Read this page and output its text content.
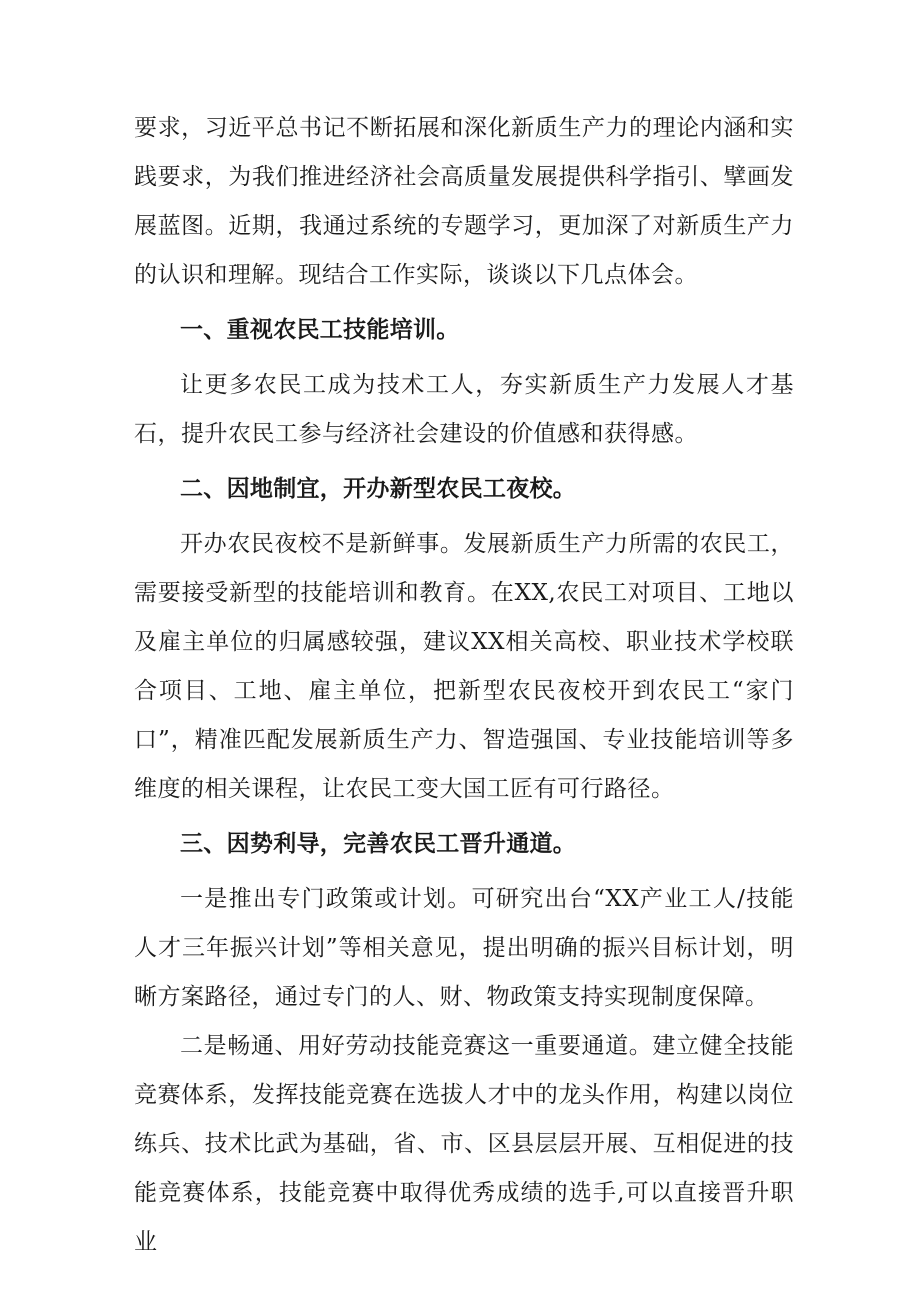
要求，习近平总书记不断拓展和深化新质生产力的理论内涵和实践要求，为我们推进经济社会高质量发展提供科学指引、擘画发展蓝图。近期，我通过系统的专题学习，更加深了对新质生产力的认识和理解。现结合工作实际，谈谈以下几点体会。

一、重视农民工技能培训。

让更多农民工成为技术工人，夯实新质生产力发展人才基石，提升农民工参与经济社会建设的价值感和获得感。

二、因地制宜，开办新型农民工夜校。

开办农民夜校不是新鲜事。发展新质生产力所需的农民工，需要接受新型的技能培训和教育。在XX,农民工对项目、工地以及雇主单位的归属感较强，建议XX相关高校、职业技术学校联合项目、工地、雇主单位，把新型农民夜校开到农民工“家门口”，精准匹配发展新质生产力、智造强国、专业技能培训等多维度的相关课程，让农民工变大国工匠有可行路径。

三、因势利导，完善农民工晋升通道。

一是推出专门政策或计划。可研究出台“XX产业工人/技能人才三年振兴计划”等相关意见，提出明确的振兴目标计划，明晰方案路径，通过专门的人、财、物政策支持实现制度保障。

二是畅通、用好劳动技能竞赛这一重要通道。建立健全技能竞赛体系，发挥技能竞赛在选拔人才中的龙头作用，构建以岗位练兵、技术比武为基础，省、市、区县层层开展、互相促进的技能竞赛体系，技能竞赛中取得优秀成绩的选手,可以直接晋升职业
